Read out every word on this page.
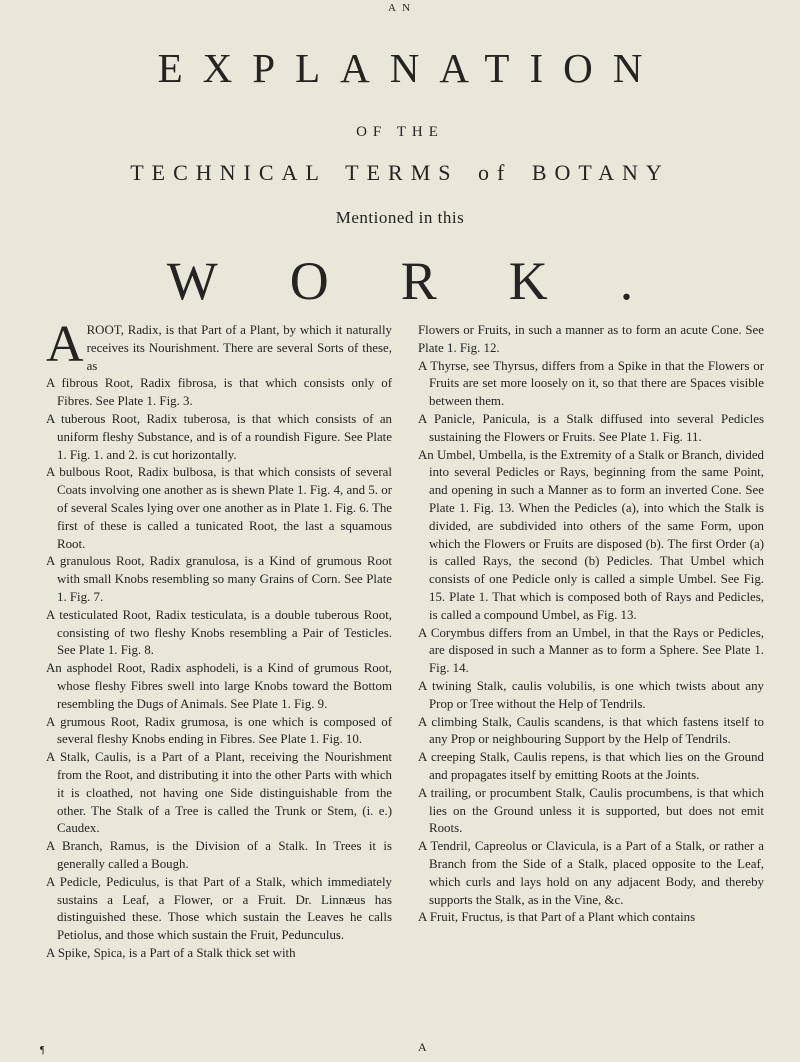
A N
EXPLANATION
OF THE
TECHNICAL TERMS of BOTANY
Mentioned in this
WORK.

AROOT, Radix, is that Part of a Plant, by which it naturally receives its Nourishment. There are several Sorts of these, as

A fibrous Root, Radix fibrosa, is that which consists only of Fibres. See Plate 1. Fig. 3.

A tuberous Root, Radix tuberosa, is that which consists of an uniform fleshy Substance, and is of a roundish Figure. See Plate 1. Fig. 1. and 2. is cut horizontally.

A bulbous Root, Radix bulbosa, is that which consists of several Coats involving one another as is shewn Plate 1. Fig. 4, and 5. or of several Scales lying over one another as in Plate 1. Fig. 6. The first of these is called a tunicated Root, the last a squamous Root.

A granulous Root, Radix granulosa, is a Kind of grumous Root with small Knobs resembling so many Grains of Corn. See Plate 1. Fig. 7.

A testiculated Root, Radix testiculata, is a double tuberous Root, consisting of two fleshy Knobs resembling a Pair of Testicles. See Plate 1. Fig. 8.

An asphodel Root, Radix asphodeli, is a Kind of grumous Root, whose fleshy Fibres swell into large Knobs toward the Bottom resembling the Dugs of Animals. See Plate 1. Fig. 9.

A grumous Root, Radix grumosa, is one which is composed of several fleshy Knobs ending in Fibres. See Plate 1. Fig. 10.

A Stalk, Caulis, is a Part of a Plant, receiving the Nourishment from the Root, and distributing it into the other Parts with which it is cloathed, not having one Side distinguishable from the other. The Stalk of a Tree is called the Trunk or Stem, (i. e.) Caudex.

A Branch, Ramus, is the Division of a Stalk. In Trees it is generally called a Bough.

A Pedicle, Pediculus, is that Part of a Stalk, which immediately sustains a Leaf, a Flower, or a Fruit. Dr. Linnæus has distinguished these. Those which sustain the Leaves he calls Petiolus, and those which sustain the Fruit, Pedunculus.

A Spike, Spica, is a Part of a Stalk thick set with

Flowers or Fruits, in such a manner as to form an acute Cone. See Plate 1. Fig. 12.

A Thyrse, see Thyrsus, differs from a Spike in that the Flowers or Fruits are set more loosely on it, so that there are Spaces visible between them.

A Panicle, Panicula, is a Stalk diffused into several Pedicles sustaining the Flowers or Fruits. See Plate 1. Fig. 11.

An Umbel, Umbella, is the Extremity of a Stalk or Branch, divided into several Pedicles or Rays, beginning from the same Point, and opening in such a Manner as to form an inverted Cone. See Plate 1. Fig. 13. When the Pedicles (a), into which the Stalk is divided, are subdivided into others of the same Form, upon which the Flowers or Fruits are disposed (b). The first Order (a) is called Rays, the second (b) Pedicles. That Umbel which consists of one Pedicle only is called a simple Umbel. See Fig. 15. Plate 1. That which is composed both of Rays and Pedicles, is called a compound Umbel, as Fig. 13.

A Corymbus differs from an Umbel, in that the Rays or Pedicles, are disposed in such a Manner as to form a Sphere. See Plate 1. Fig. 14.

A twining Stalk, caulis volubilis, is one which twists about any Prop or Tree without the Help of Tendrils.

A climbing Stalk, Caulis scandens, is that which fastens itself to any Prop or neighbouring Support by the Help of Tendrils.

A creeping Stalk, Caulis repens, is that which lies on the Ground and propagates itself by emitting Roots at the Joints.

A trailing, or procumbent Stalk, Caulis procumbens, is that which lies on the Ground unless it is supported, but does not emit Roots.

A Tendril, Capreolus or Clavicula, is a Part of a Stalk, or rather a Branch from the Side of a Stalk, placed opposite to the Leaf, which curls and lays hold on any adjacent Body, and thereby supports the Stalk, as in the Vine, &c.

A Fruit, Fructus, is that Part of a Plant which contains

A
¶
